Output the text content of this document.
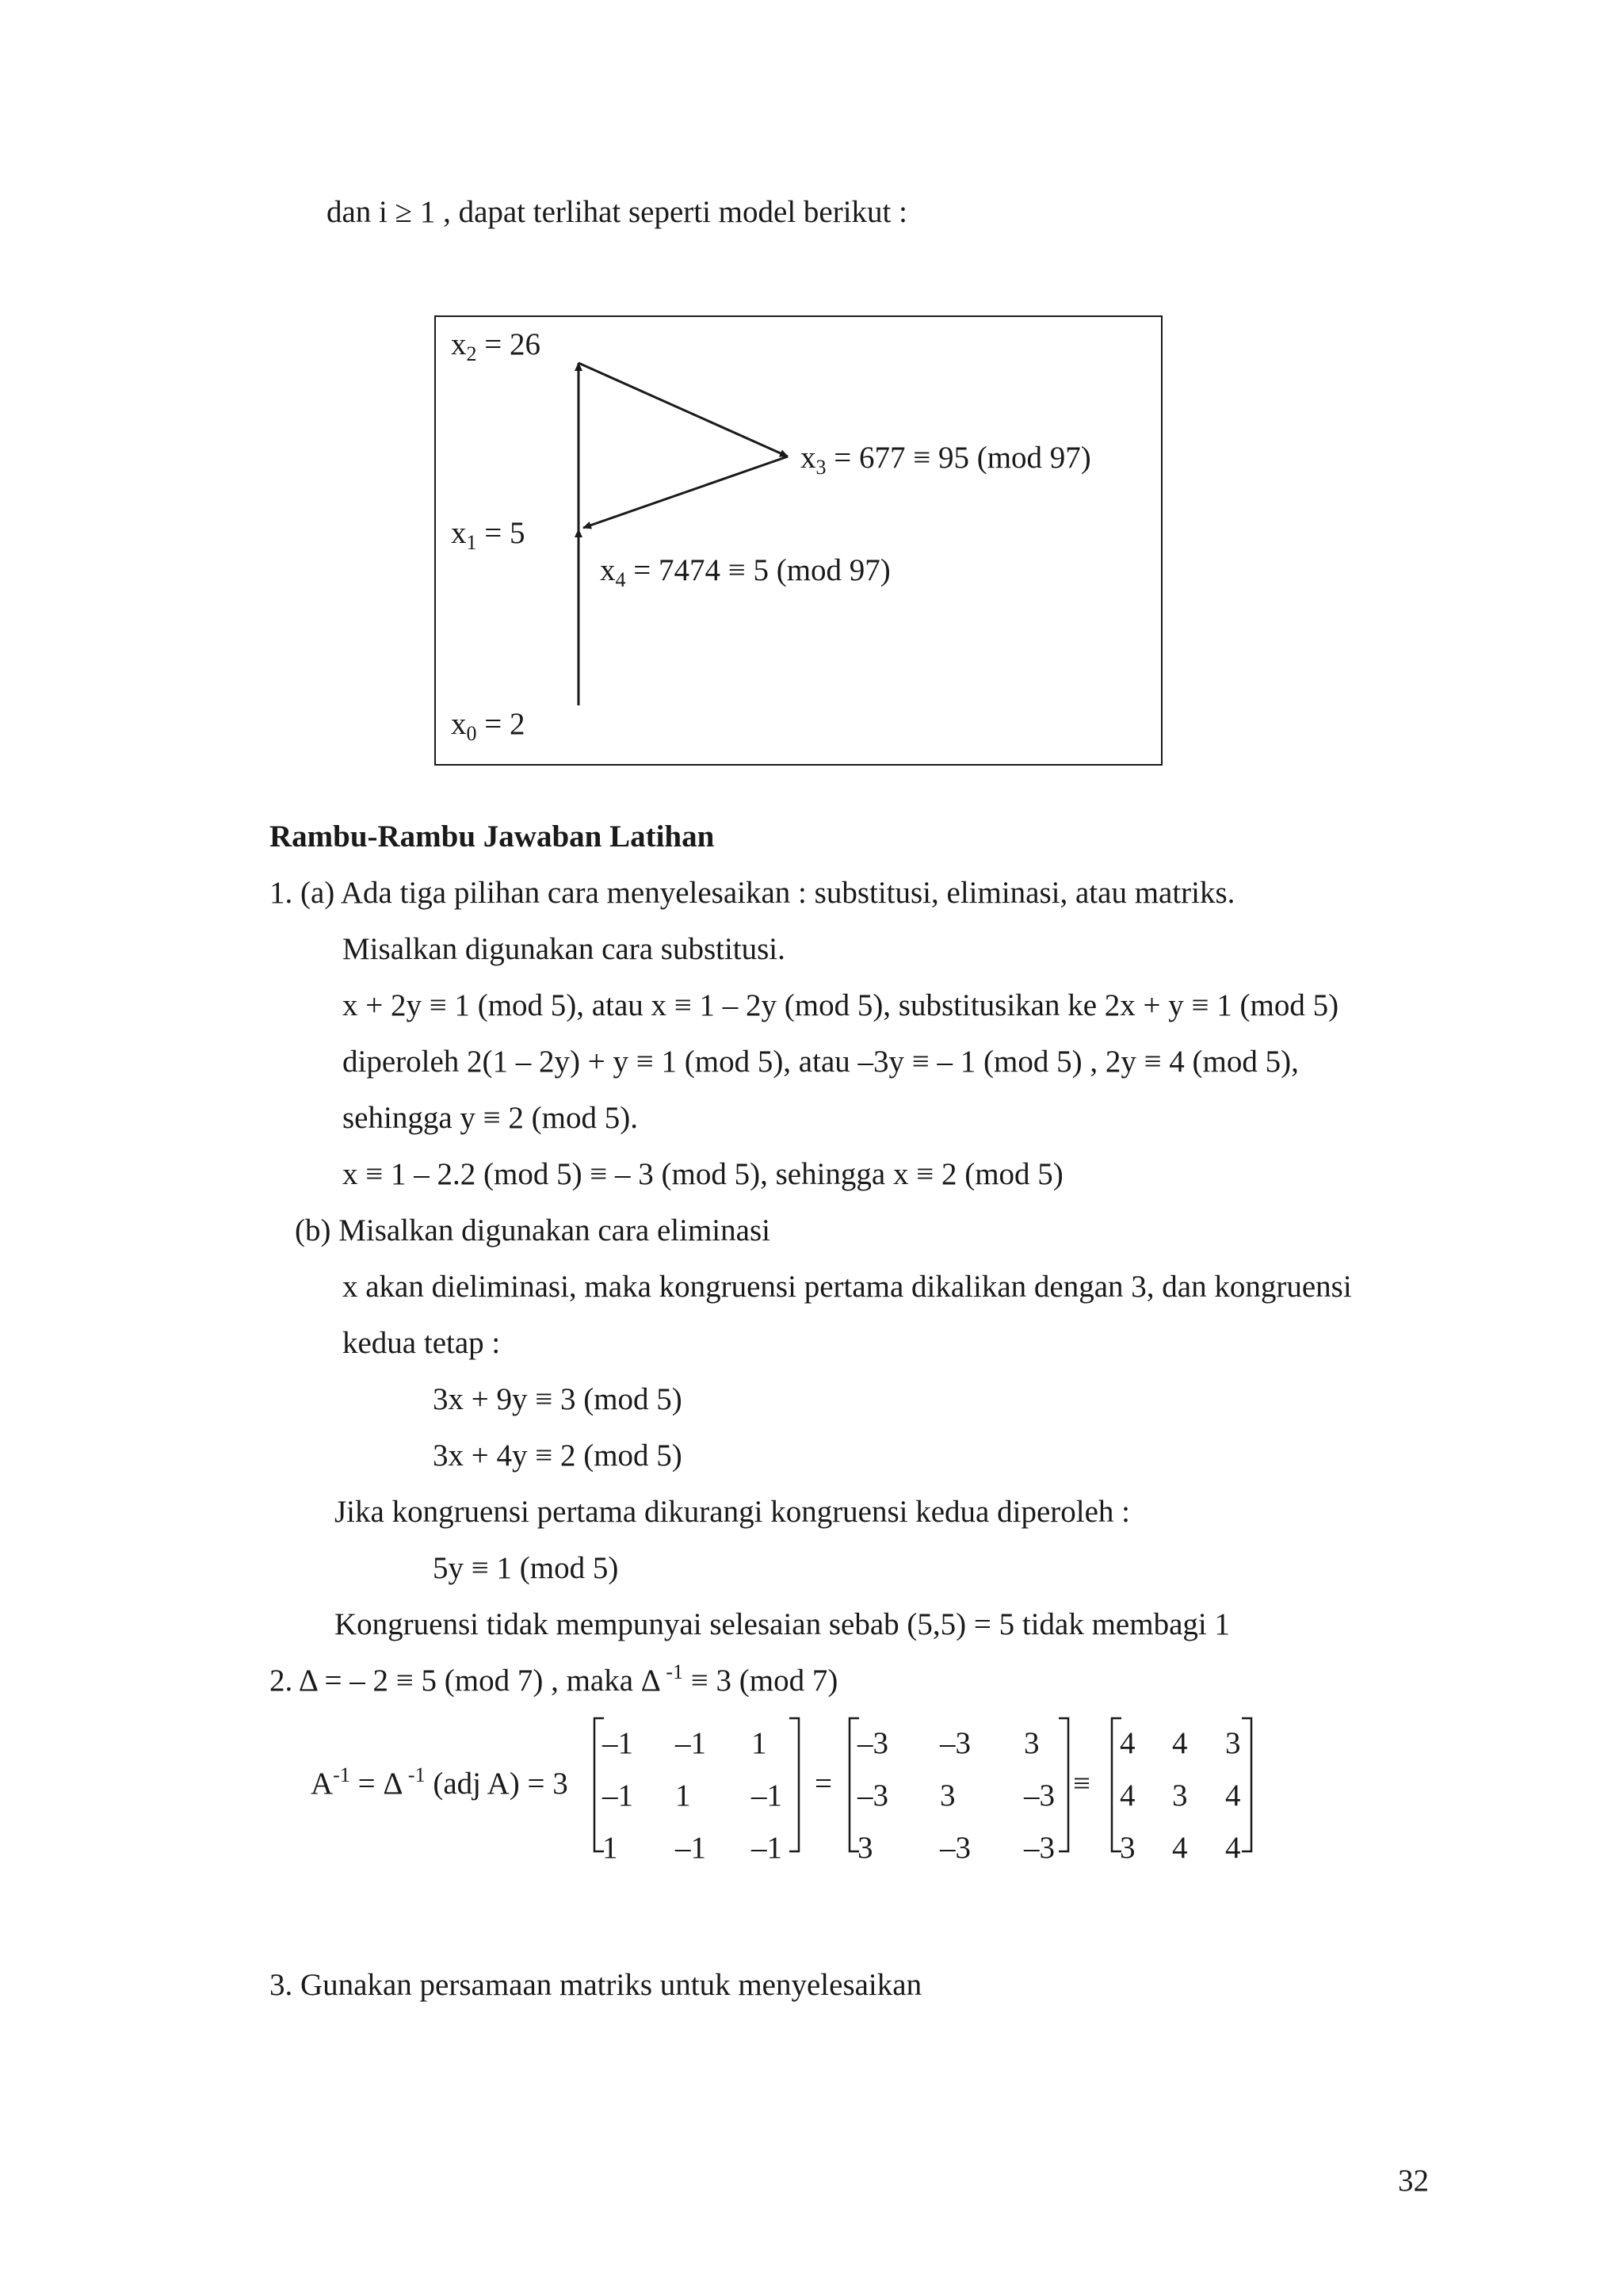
dan i ≥ 1 , dapat terlihat seperti model berikut :
$x_2 = 26$
$x_3 = 677 \equiv 95$ (mod 97)
$x_1 = 5$
$x_4 = 7474 \equiv 5$ (mod 97)
$x_0 = 2$
Rambu-Rambu Jawaban Latihan
1. (a) Ada tiga pilihan cara menyelesaikan : substitusi, eliminasi, atau matriks.
Misalkan digunakan cara substitusi.
x + 2y ≡ 1 (mod 5), atau x ≡ 1 – 2y (mod 5), substitusikan ke 2x + y ≡ 1 (mod 5)
diperoleh 2(1 – 2y) + y ≡ 1 (mod 5), atau –3y ≡ – 1 (mod 5) , 2y ≡ 4 (mod 5),
sehingga y ≡ 2 (mod 5).
x ≡ 1 – 2.2 (mod 5) ≡ – 3 (mod 5), sehingga x ≡ 2 (mod 5)
(b) Misalkan digunakan cara eliminasi
x akan dieliminasi, maka kongruensi pertama dikalikan dengan 3, dan kongruensi
kedua tetap :
3x + 9y ≡ 3 (mod 5)
3x + 4y ≡ 2 (mod 5)
Jika kongruensi pertama dikurangi kongruensi kedua diperoleh :
5y ≡ 1 (mod 5)
Kongruensi tidak mempunyai selesaian sebab (5,5) = 5 tidak membagi 1
2. Δ = – 2 ≡ 5 (mod 7) , maka Δ $^{-1}$ ≡ 3 (mod 7)
$A^{-1} = \Delta$ $^{-1}$ (adj A) = 3
–1 –1 1
–1 1 –1
1 –1 –1
=
–3 –3 3
–3 3 –3
3 –3 –3
≡
4 4 3
4 3 4
3 4 4
3. Gunakan persamaan matriks untuk menyelesaikan
32
